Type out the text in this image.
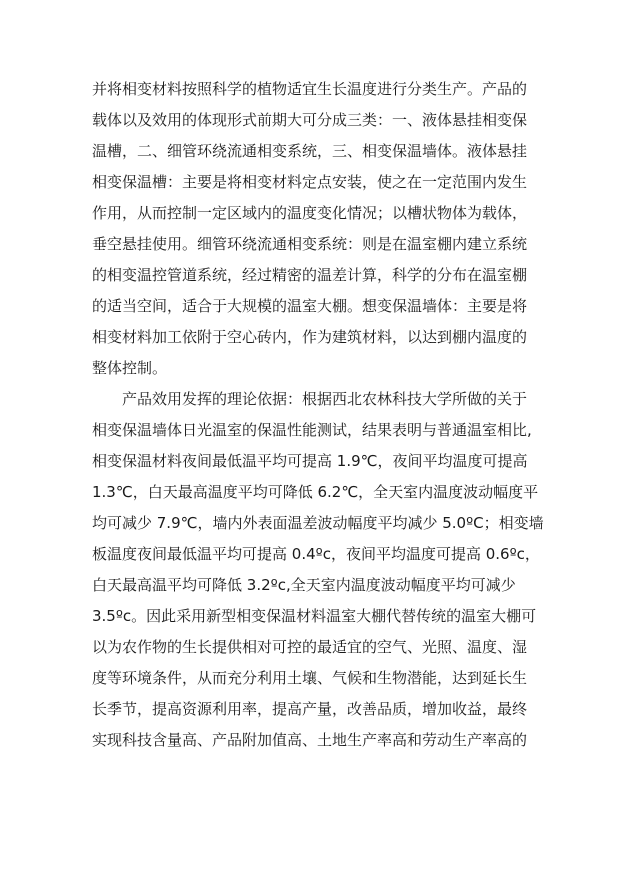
并将相变材料按照科学的植物适宜生长温度进行分类生产。产品的
载体以及效用的体现形式前期大可分成三类：一、液体悬挂相变保
温槽，二、细管环绕流通相变系统，三、相变保温墙体。液体悬挂
相变保温槽：主要是将相变材料定点安装，使之在一定范围内发生
作用，从而控制一定区域内的温度变化情况；以槽状物体为载体，
垂空悬挂使用。细管环绕流通相变系统：则是在温室棚内建立系统
的相变温控管道系统，经过精密的温差计算，科学的分布在温室棚
的适当空间，适合于大规模的温室大棚。想变保温墙体：主要是将
相变材料加工依附于空心砖内，作为建筑材料，以达到棚内温度的
整体控制。
产品效用发挥的理论依据：根据西北农林科技大学所做的关于
相变保温墙体日光温室的保温性能测试，结果表明与普通温室相比,
相变保温材料夜间最低温平均可提高 1.9℃，夜间平均温度可提高
1.3℃，白天最高温度平均可降低 6.2℃，全天室内温度波动幅度平
均可减少 7.9℃，墙内外表面温差波动幅度平均减少 5.0ºC；相变墙
板温度夜间最低温平均可提高 0.4ºc，夜间平均温度可提高 0.6ºc，
白天最高温平均可降低 3.2ºc,全天室内温度波动幅度平均可减少
3.5ºc。因此采用新型相变保温材料温室大棚代替传统的温室大棚可
以为农作物的生长提供相对可控的最适宜的空气、光照、温度、湿
度等环境条件，从而充分利用土壤、气候和生物潜能，达到延长生
长季节，提高资源利用率，提高产量，改善品质，增加收益，最终
实现科技含量高、产品附加值高、土地生产率高和劳动生产率高的
